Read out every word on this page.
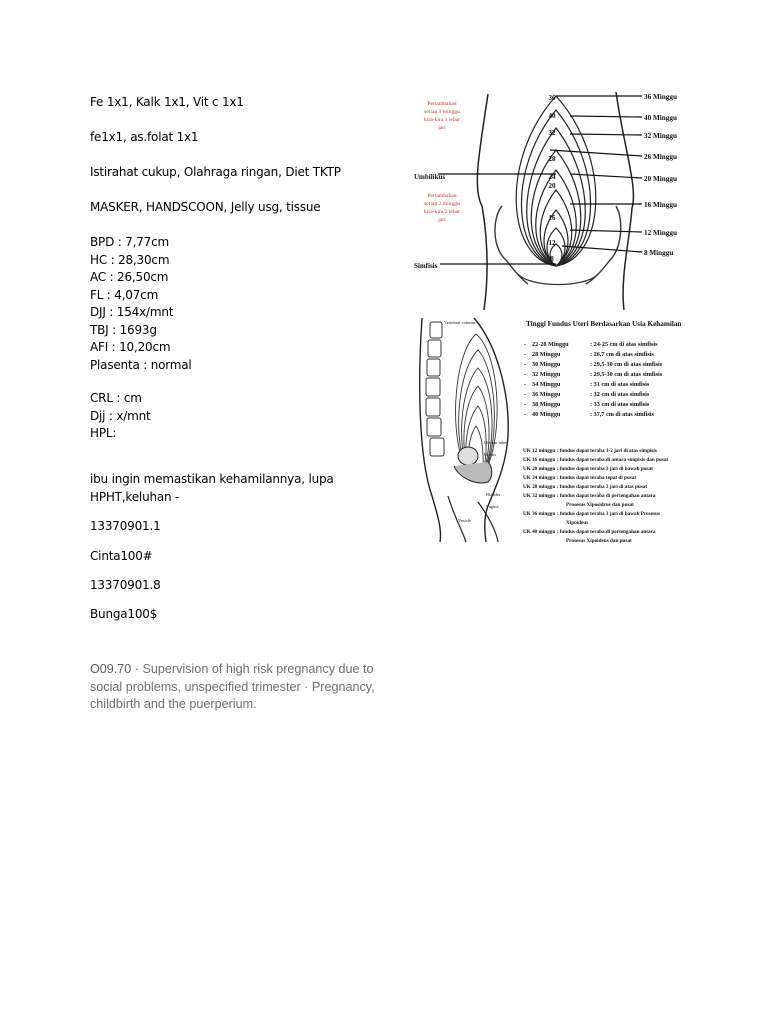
Fe 1x1, Kalk 1x1, Vit c 1x1
fe1x1, as.folat 1x1
Istirahat cukup, Olahraga ringan, Diet TKTP
MASKER, HANDSCOON, Jelly usg, tissue
BPD : 7,77cm
HC : 28,30cm
AC : 26,50cm
FL : 4,07cm
DJJ : 154x/mnt
TBJ : 1693g
AFI : 10,20cm
Plasenta : normal
CRL : cm
Djj : x/mnt
HPL:
ibu ingin memastikan kehamilannya, lupa
HPHT,keluhan -
13370901.1
Cinta100#
13370901.8
Bunga100$
O09.70 · Supervision of high risk pregnancy due to social problems, unspecified trimester · Pregnancy, childbirth and the puerperium.
36
40
32
28
24
20
16
12
8
36 Minggu
40 Minggu
32 Minggu
26 Minggu
20 Minggu
16 Minggu
12 Minggu
8 Minggu
Pertambahan
setiap 1 minggu
kira-kira 1 lebar
jari
Pertambahan
setiap 2 minggu
kira-kira 2 lebar
jari
Umbilikus
Simfisis
Vertebral column
Uterus
Bladder
Vagina
Vesicle
Uterine tube
Tinggi Fundus Uteri Berdasarkan Usia Kehamilan
-
-
-
-
-
-
-
-
22-28 Minggu	: 24-25 cm di atas simfisis
28 Minggu	: 26,7 cm di atas simfisis
30 Minggu	: 29,5-30 cm di atas simfisis
32 Minggu	: 29,5-30 cm di atas simfisis
34 Minggu	: 31 cm di atas simfisis
36 Minggu	: 32 cm di atas simfisis
38 Minggu	: 33 cm di atas simfisis
40 Minggu	: 37,7 cm di atas simfisis
UK 12 minggu : fundus dapat teraba 1-2 jari di atas simpisis
UK 16 minggu : fundus dapat teraba di antara simpisis dan pusat
UK 20 minggu : fundus dapat teraba 3 jari di bawah pusat
UK 24 minggu : fundus dapat teraba tepat di pusat
UK 28 minggu : fundus dapat teraba 3 jari di atas pusat
UK 32 minggu : fundus dapat teraba di pertengahan antara
Prosesus Xiposidrus dan pusat
UK 36 minggu : fundus dapat teraba 3 jari di bawah Prosesus
Xipoideus
UK 40 minggu : fundus dapat teraba di pertengahan antara
Prosesus Xipoideus dan pusat
